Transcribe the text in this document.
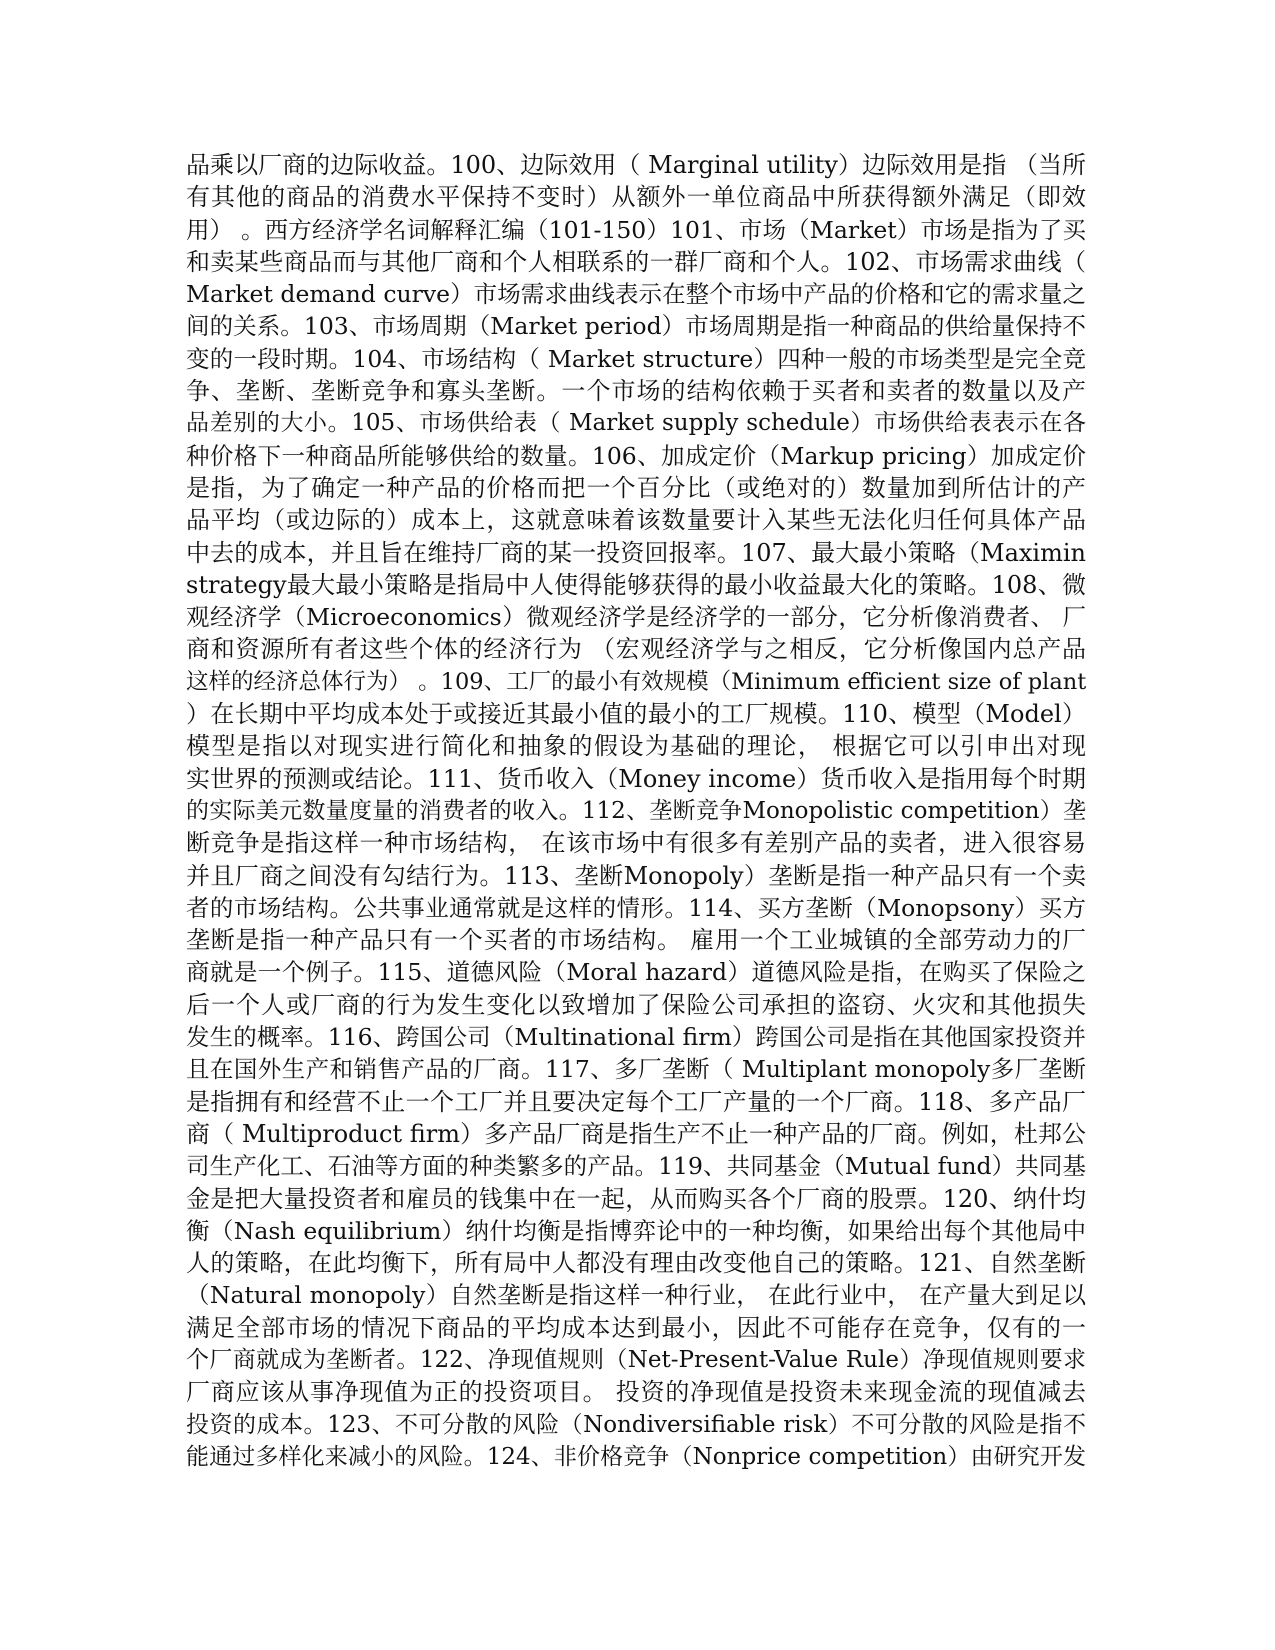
品乘以厂商的边际收益。100、边际效用（ Marginal utility）边际效用是指 （当所
有其他的商品的消费水平保持不变时）从额外一单位商品中所获得额外满足（即效
用） 。西方经济学名词解释汇编（101-150）101、市场（Market）市场是指为了买
和卖某些商品而与其他厂商和个人相联系的一群厂商和个人。102、市场需求曲线（
Market demand curve）市场需求曲线表示在整个市场中产品的价格和它的需求量之
间的关系。103、市场周期（Market period）市场周期是指一种商品的供给量保持不
变的一段时期。104、市场结构（ Market structure）四种一般的市场类型是完全竞
争、垄断、垄断竞争和寡头垄断。一个市场的结构依赖于买者和卖者的数量以及产
品差别的大小。105、市场供给表（ Market supply schedule）市场供给表表示在各
种价格下一种商品所能够供给的数量。106、加成定价（Markup pricing）加成定价
是指，为了确定一种产品的价格而把一个百分比（或绝对的）数量加到所估计的产
品平均（或边际的）成本上，这就意味着该数量要计入某些无法化归任何具体产品
中去的成本，并且旨在维持厂商的某一投资回报率。107、最大最小策略（Maximin
strategy最大最小策略是指局中人使得能够获得的最小收益最大化的策略。108、微
观经济学（Microeconomics）微观经济学是经济学的一部分，它分析像消费者、 厂
商和资源所有者这些个体的经济行为 （宏观经济学与之相反，它分析像国内总产品
这样的经济总体行为） 。109、工厂的最小有效规模（Minimum efficient size of plant
）在长期中平均成本处于或接近其最小值的最小的工厂规模。110、模型（Model）
模型是指以对现实进行简化和抽象的假设为基础的理论， 根据它可以引申出对现
实世界的预测或结论。111、货币收入（Money income）货币收入是指用每个时期
的实际美元数量度量的消费者的收入。112、垄断竞争Monopolistic competition）垄
断竞争是指这样一种市场结构， 在该市场中有很多有差别产品的卖者，进入很容易
并且厂商之间没有勾结行为。113、垄断Monopoly）垄断是指一种产品只有一个卖
者的市场结构。公共事业通常就是这样的情形。114、买方垄断（Monopsony）买方
垄断是指一种产品只有一个买者的市场结构。 雇用一个工业城镇的全部劳动力的厂
商就是一个例子。115、道德风险（Moral hazard）道德风险是指，在购买了保险之
后一个人或厂商的行为发生变化以致增加了保险公司承担的盗窃、火灾和其他损失
发生的概率。116、跨国公司（Multinational firm）跨国公司是指在其他国家投资并
且在国外生产和销售产品的厂商。117、多厂垄断（ Multiplant monopoly多厂垄断
是指拥有和经营不止一个工厂并且要决定每个工厂产量的一个厂商。118、多产品厂
商（ Multiproduct firm）多产品厂商是指生产不止一种产品的厂商。例如，杜邦公
司生产化工、石油等方面的种类繁多的产品。119、共同基金（Mutual fund）共同基
金是把大量投资者和雇员的钱集中在一起，从而购买各个厂商的股票。120、纳什均
衡（Nash equilibrium）纳什均衡是指博弈论中的一种均衡，如果给出每个其他局中
人的策略，在此均衡下，所有局中人都没有理由改变他自己的策略。121、自然垄断
（Natural monopoly）自然垄断是指这样一种行业， 在此行业中， 在产量大到足以
满足全部市场的情况下商品的平均成本达到最小，因此不可能存在竞争，仅有的一
个厂商就成为垄断者。122、净现值规则（Net-Present-Value Rule）净现值规则要求
厂商应该从事净现值为正的投资项目。 投资的净现值是投资未来现金流的现值减去
投资的成本。123、不可分散的风险（Nondiversifiable risk）不可分散的风险是指不
能通过多样化来减小的风险。124、非价格竞争（Nonprice competition）由研究开发
